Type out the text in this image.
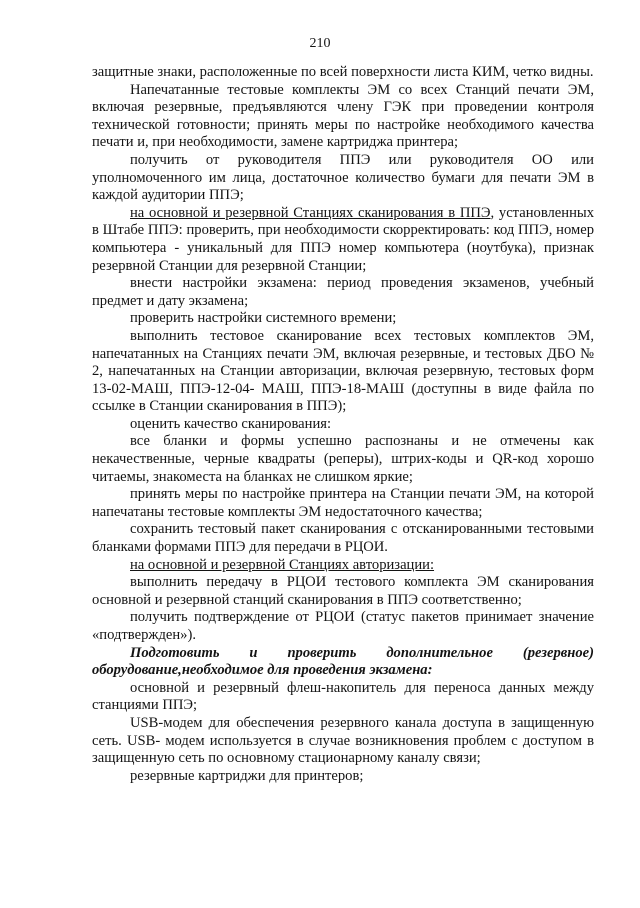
210

защитные знаки, расположенные по всей поверхности листа КИМ, четко видны.

Напечатанные тестовые комплекты ЭМ со всех Станций печати ЭМ, включая резервные, предъявляются члену ГЭК при проведении контроля технической готовности; принять меры по настройке необходимого качества печати и, при необходимости, замене картриджа принтера;

получить от руководителя ППЭ или руководителя ОО или уполномоченного им лица, достаточное количество бумаги для печати ЭМ в каждой аудитории ППЭ;

на основной и резервной Станциях сканирования в ППЭ, установленных в Штабе ППЭ: проверить, при необходимости скорректировать: код ППЭ, номер компьютера - уникальный для ППЭ номер компьютера (ноутбука), признак резервной Станции для резервной Станции;

внести настройки экзамена: период проведения экзаменов, учебный предмет и дату экзамена;

проверить настройки системного времени;

выполнить тестовое сканирование всех тестовых комплектов ЭМ, напечатанных на Станциях печати ЭМ, включая резервные, и тестовых ДБО № 2, напечатанных на Станции авторизации, включая резервную, тестовых форм 13-02-МАШ, ППЭ-12-04- МАШ, ППЭ-18-МАШ (доступны в виде файла по ссылке в Станции сканирования в ППЭ);

оценить качество сканирования:

все бланки и формы успешно распознаны и не отмечены как некачественные, черные квадраты (реперы), штрих-коды и QR-код хорошо читаемы, знакоместа на бланках не слишком яркие;

принять меры по настройке принтера на Станции печати ЭМ, на которой напечатаны тестовые комплекты ЭМ недостаточного качества;

сохранить тестовый пакет сканирования с отсканированными тестовыми бланками формами ППЭ для передачи в РЦОИ.

на основной и резервной Станциях авторизации:

выполнить передачу в РЦОИ тестового комплекта ЭМ сканирования основной и резервной станций сканирования в ППЭ соответственно;

получить подтверждение от РЦОИ (статус пакетов принимает значение «подтвержден»).

Подготовить и проверить дополнительное (резервное) оборудование,необходимое для проведения экзамена:

основной и резервный флеш-накопитель для переноса данных между станциями ППЭ;

USB-модем для обеспечения резервного канала доступа в защищенную сеть. USB- модем используется в случае возникновения проблем с доступом в защищенную сеть по основному стационарному каналу связи;

резервные картриджи для принтеров;
